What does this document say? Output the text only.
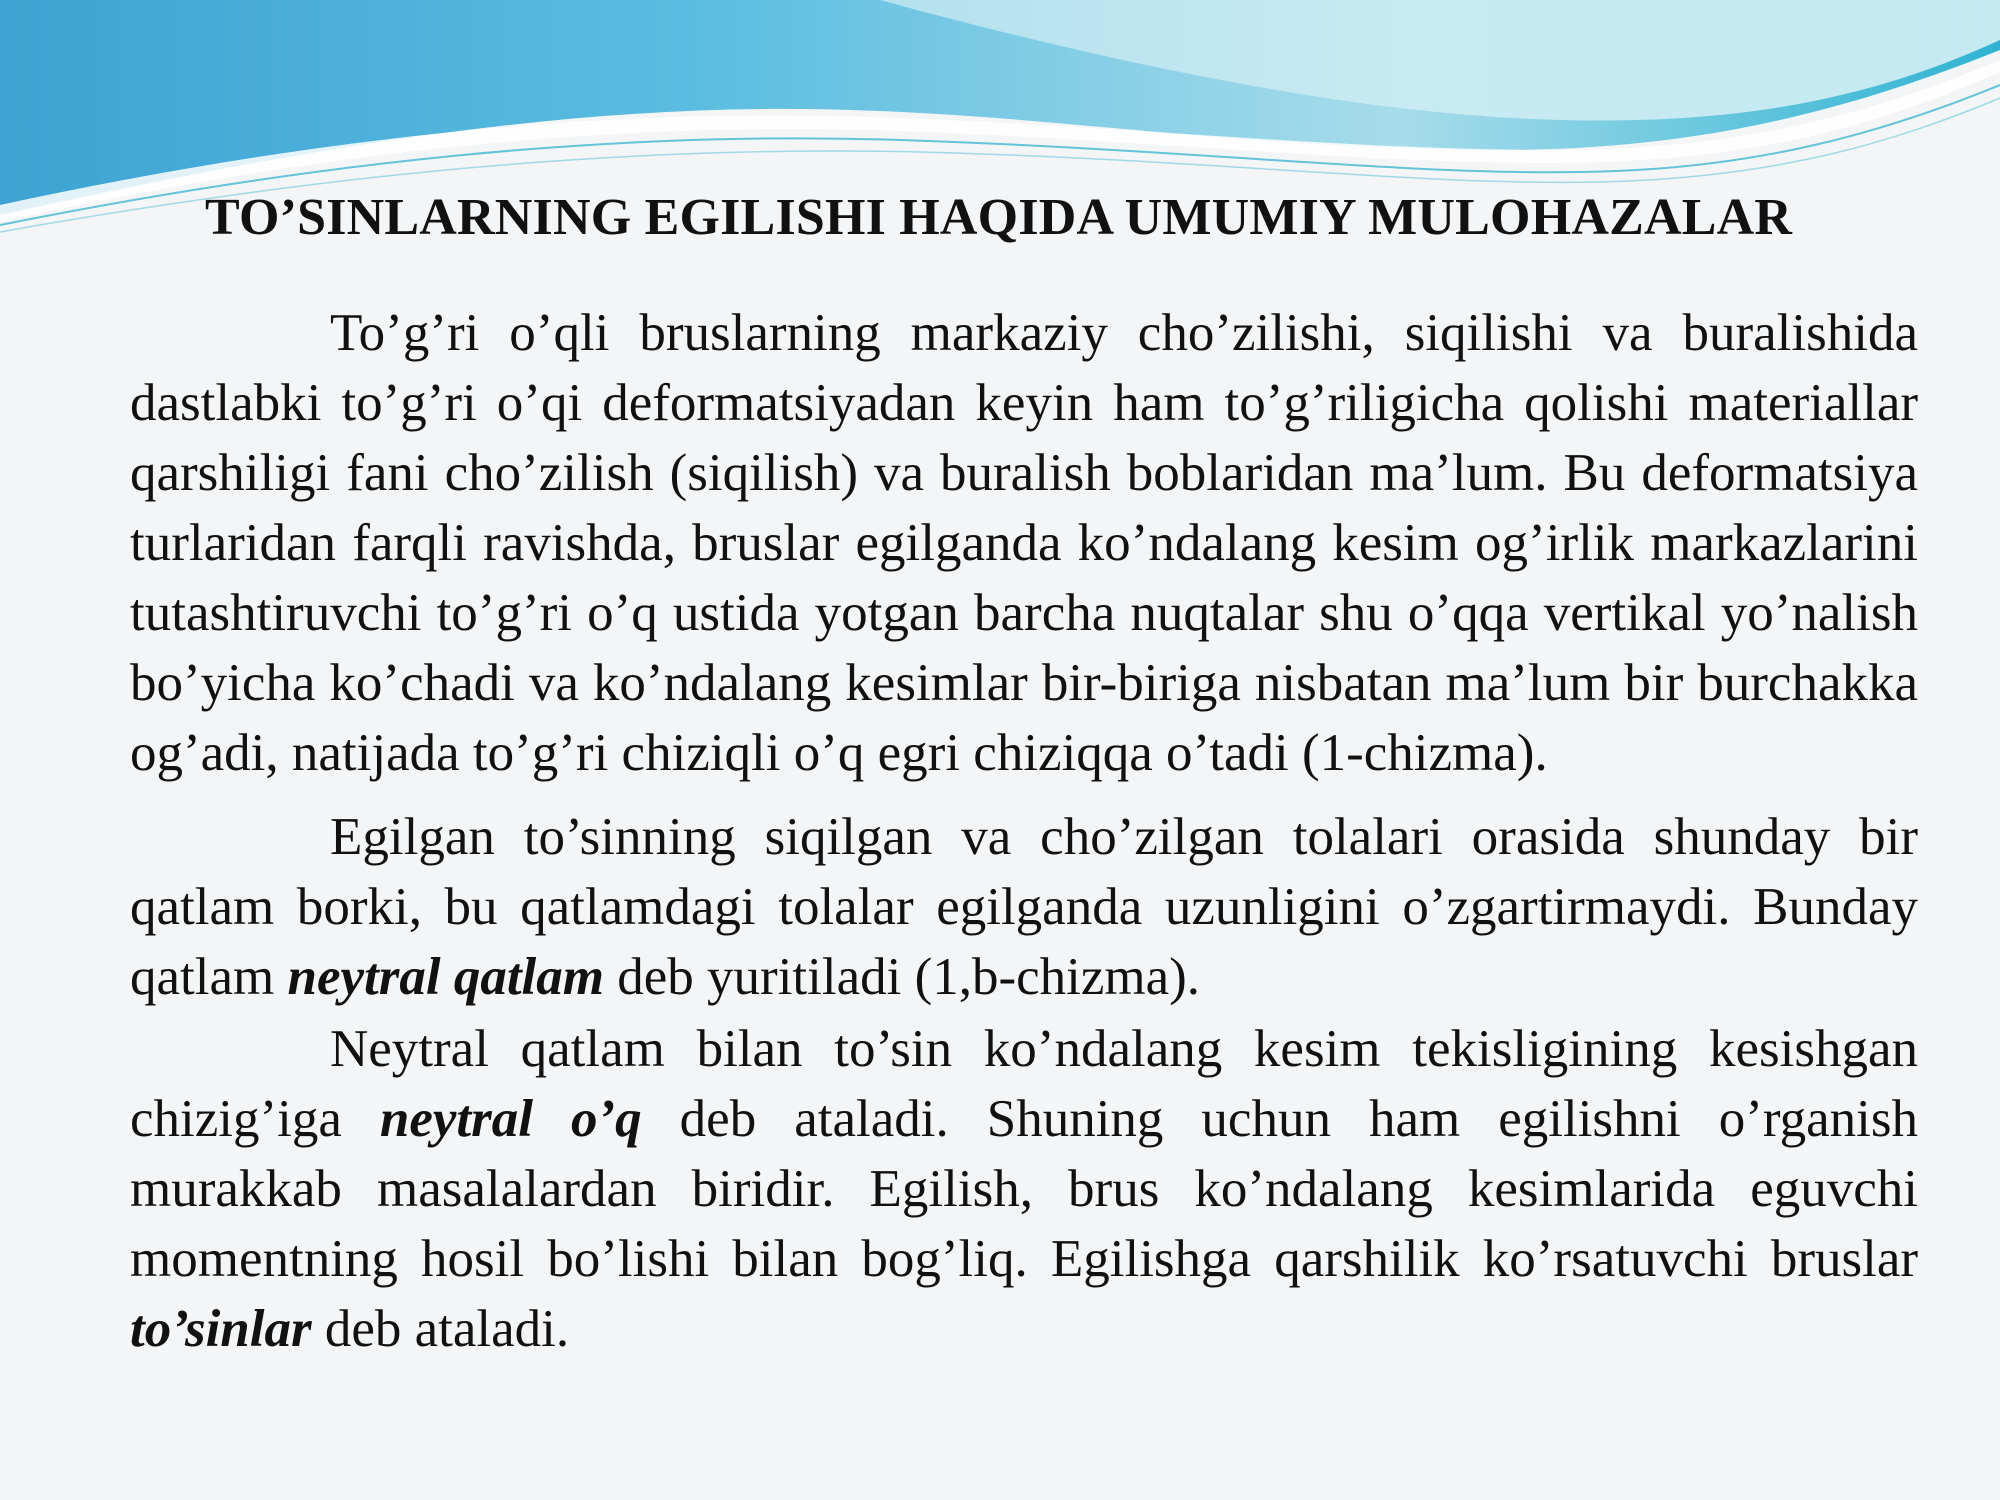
TO’SINLARNING EGILISHI HAQIDA UMUMIY MULOHAZALAR

To’g’ri o’qli bruslarning markaziy cho’zilishi, siqilishi va buralishida dastlabki to’g’ri o’qi deformatsiyadan keyin ham to’g’riligicha qolishi materiallar qarshiligi fani cho’zilish (siqilish) va buralish boblaridan ma’lum. Bu deformatsiya turlaridan farqli ravishda, bruslar egilganda ko’ndalang kesim og’irlik markazlarini tutashtiruvchi to’g’ri o’q ustida yotgan barcha nuqtalar shu o’qqa vertikal yo’nalish bo’yicha ko’chadi va ko’ndalang kesimlar bir-biriga nisbatan ma’lum bir burchakka og’adi, natijada to’g’ri chiziqli o’q egri chiziqqa o’tadi (1-chizma).

Egilgan to’sinning siqilgan va cho’zilgan tolalari orasida shunday bir qatlam borki, bu qatlamdagi tolalar egilganda uzunligini o’zgartirmaydi. Bunday qatlam neytral qatlam deb yuritiladi (1,b-chizma).

Neytral qatlam bilan to’sin ko’ndalang kesim tekisligining kesishgan chizig’iga neytral o’q deb ataladi. Shuning uchun ham egilishni o’rganish murakkab masalalardan biridir. Egilish, brus ko’ndalang kesimlarida eguvchi momentning hosil bo’lishi bilan bog’liq. Egilishga qarshilik ko’rsatuvchi bruslar to’sinlar deb ataladi.
